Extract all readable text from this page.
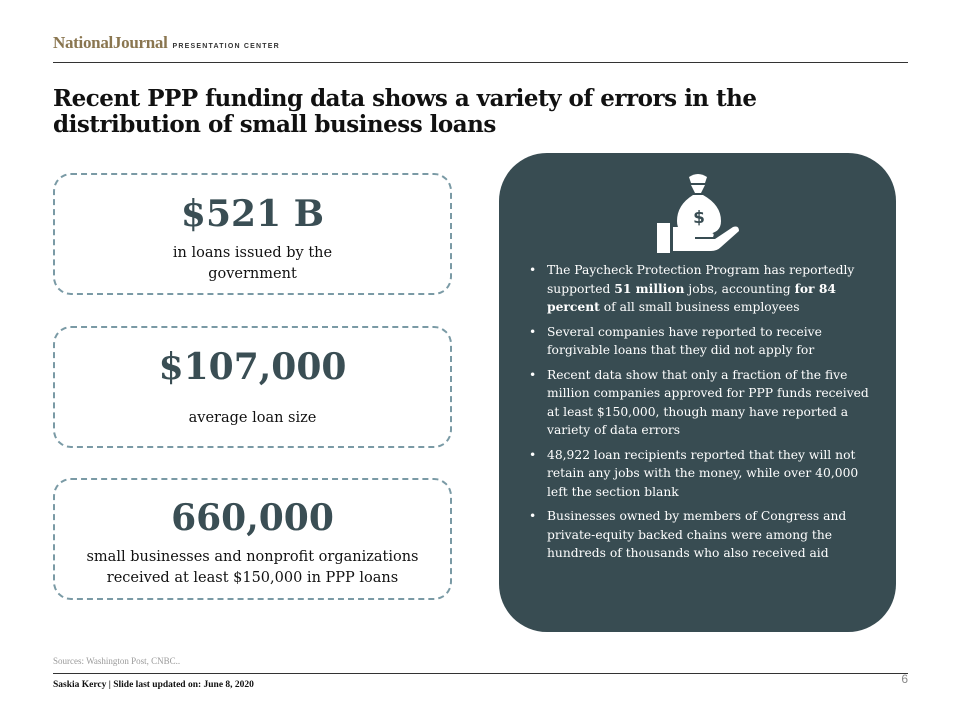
NationalJournal PRESENTATION CENTER
Recent PPP funding data shows a variety of errors in the distribution of small business loans
$521 B
in loans issued by the government
$107,000
average loan size
660,000
small businesses and nonprofit organizations received at least $150,000 in PPP loans
$
• The Paycheck Protection Program has reportedly supported 51 million jobs, accounting for 84 percent of all small business employees
• Several companies have reported to receive forgivable loans that they did not apply for
• Recent data show that only a fraction of the five million companies approved for PPP funds received at least $150,000, though many have reported a variety of data errors
• 48,922 loan recipients reported that they will not retain any jobs with the money, while over 40,000 left the section blank
• Businesses owned by members of Congress and private-equity backed chains were among the hundreds of thousands who also received aid
Sources: Washington Post, CNBC..
Saskia Kercy | Slide last updated on: June 8, 2020	6
